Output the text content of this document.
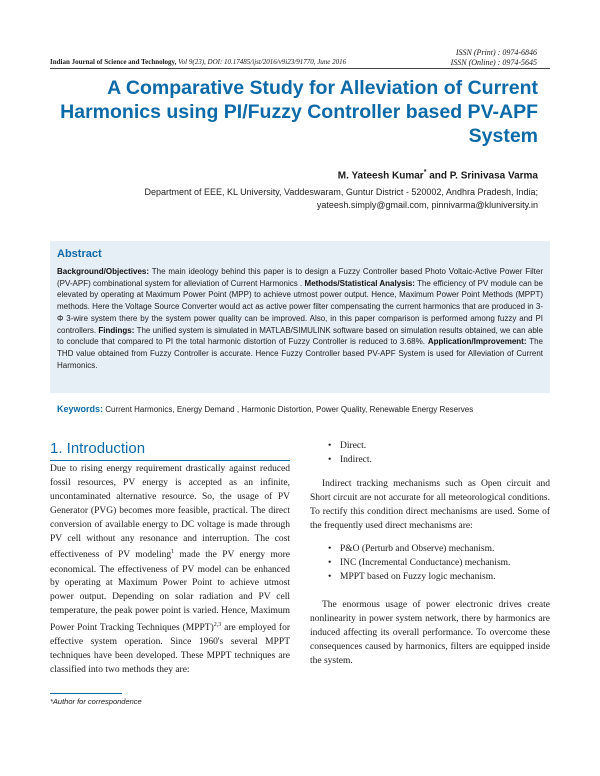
ISSN (Print) : 0974-6846
ISSN (Online) : 0974-5645
Indian Journal of Science and Technology, Vol 9(23), DOI: 10.17485/ijst/2016/v9i23/91770, June 2016
A Comparative Study for Alleviation of Current Harmonics using PI/Fuzzy Controller based PV-APF System
M. Yateesh Kumar* and P. Srinivasa Varma
Department of EEE, KL University, Vaddeswaram, Guntur District - 520002, Andhra Pradesh, India;
yateesh.simply@gmail.com, pinnivarma@kluniversity.in
Abstract
Background/Objectives: The main ideology behind this paper is to design a Fuzzy Controller based Photo Voltaic-Active Power Filter (PV-APF) combinational system for alleviation of Current Harmonics . Methods/Statistical Analysis: The efficiency of PV module can be elevated by operating at Maximum Power Point (MPP) to achieve utmost power output. Hence, Maximum Power Point Methods (MPPT) methods. Here the Voltage Source Converter would act as active power filter compensating the current harmonics that are produced in 3-Φ 3-wire system there by the system power quality can be improved. Also, in this paper comparison is performed among fuzzy and PI controllers. Findings: The unified system is simulated in MATLAB/SIMULINK software based on simulation results obtained, we can able to conclude that compared to PI the total harmonic distortion of Fuzzy Controller is reduced to 3.68%. Application/Improvement: The THD value obtained from Fuzzy Controller is accurate. Hence Fuzzy Controller based PV-APF System is used for Alleviation of Current Harmonics.
Keywords: Current Harmonics, Energy Demand , Harmonic Distortion, Power Quality, Renewable Energy Reserves
1. Introduction

Due to rising energy requirement drastically against reduced fossil resources, PV energy is accepted as an infinite, uncontaminated alternative resource. So, the usage of PV Generator (PVG) becomes more feasible, practical. The direct conversion of available energy to DC voltage is made through PV cell without any resonance and interruption. The cost effectiveness of PV modeling$^1$ made the PV energy more economical. The effectiveness of PV model can be enhanced by operating at Maximum Power Point to achieve utmost power output. Depending on solar radiation and PV cell temperature, the peak power point is varied. Hence, Maximum Power Point Tracking Techniques (MPPT)$^{2,3}$ are employed for effective system operation. Since 1960's several MPPT techniques have been developed. These MPPT techniques are classified into two methods they are:

• Direct.
• Indirect.

Indirect tracking mechanisms such as Open circuit and Short circuit are not accurate for all meteorological conditions. To rectify this condition direct mechanisms are used. Some of the frequently used direct mechanisms are:

• P&O (Perturb and Observe) mechanism.
• INC (Incremental Conductance) mechanism.
• MPPT based on Fuzzy logic mechanism.

The enormous usage of power electronic drives create nonlinearity in power system network, there by harmonics are induced affecting its overall performance. To overcome these consequences caused by harmonics, filters are equipped inside the system.

*Author for correspondence
